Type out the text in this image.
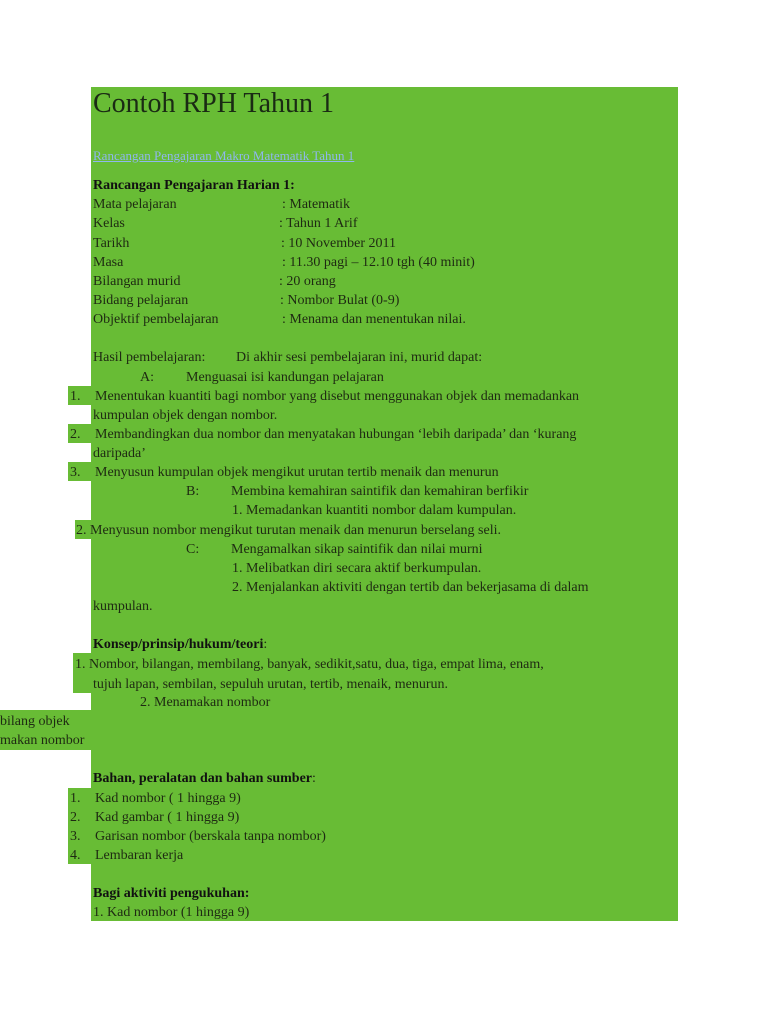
Contoh RPH Tahun 1
Rancangan Pengajaran Makro Matematik Tahun 1
Rancangan Pengajaran Harian 1:
Mata pelajaran	: Matematik
Kelas	: Tahun 1 Arif
Tarikh	: 10 November 2011
Masa	: 11.30 pagi – 12.10 tgh (40 minit)
Bilangan murid	: 20 orang
Bidang pelajaran	: Nombor Bulat (0-9)
Objektif pembelajaran	: Menama dan menentukan nilai.
Hasil pembelajaran: Di akhir sesi pembelajaran ini, murid dapat:
A: Menguasai isi kandungan pelajaran
1. Menentukan kuantiti bagi nombor yang disebut menggunakan objek dan memadankan
kumpulan objek dengan nombor.
2. Membandingkan dua nombor dan menyatakan hubungan ‘lebih daripada’ dan ‘kurang
daripada’
3. Menyusun kumpulan objek mengikut urutan tertib menaik dan menurun
B: Membina kemahiran saintifik dan kemahiran berfikir
1. Memadankan kuantiti nombor dalam kumpulan.
2. Menyusun nombor mengikut turutan menaik dan menurun berselang seli.
C: Mengamalkan sikap saintifik dan nilai murni
1. Melibatkan diri secara aktif berkumpulan.
2. Menjalankan aktiviti dengan tertib dan bekerjasama di dalam
kumpulan.
Konsep/prinsip/hukum/teori:
1. Nombor, bilangan, membilang, banyak, sedikit,satu, dua, tiga, empat lima, enam,
tujuh lapan, sembilan, sepuluh urutan, tertib, menaik, menurun.
2. Menamakan nombor
bilang objek
makan nombor
Bahan, peralatan dan bahan sumber:
1. Kad nombor ( 1 hingga 9)
2. Kad gambar ( 1 hingga 9)
3. Garisan nombor (berskala tanpa nombor)
4. Lembaran kerja
Bagi aktiviti pengukuhan:
1. Kad nombor (1 hingga 9)
